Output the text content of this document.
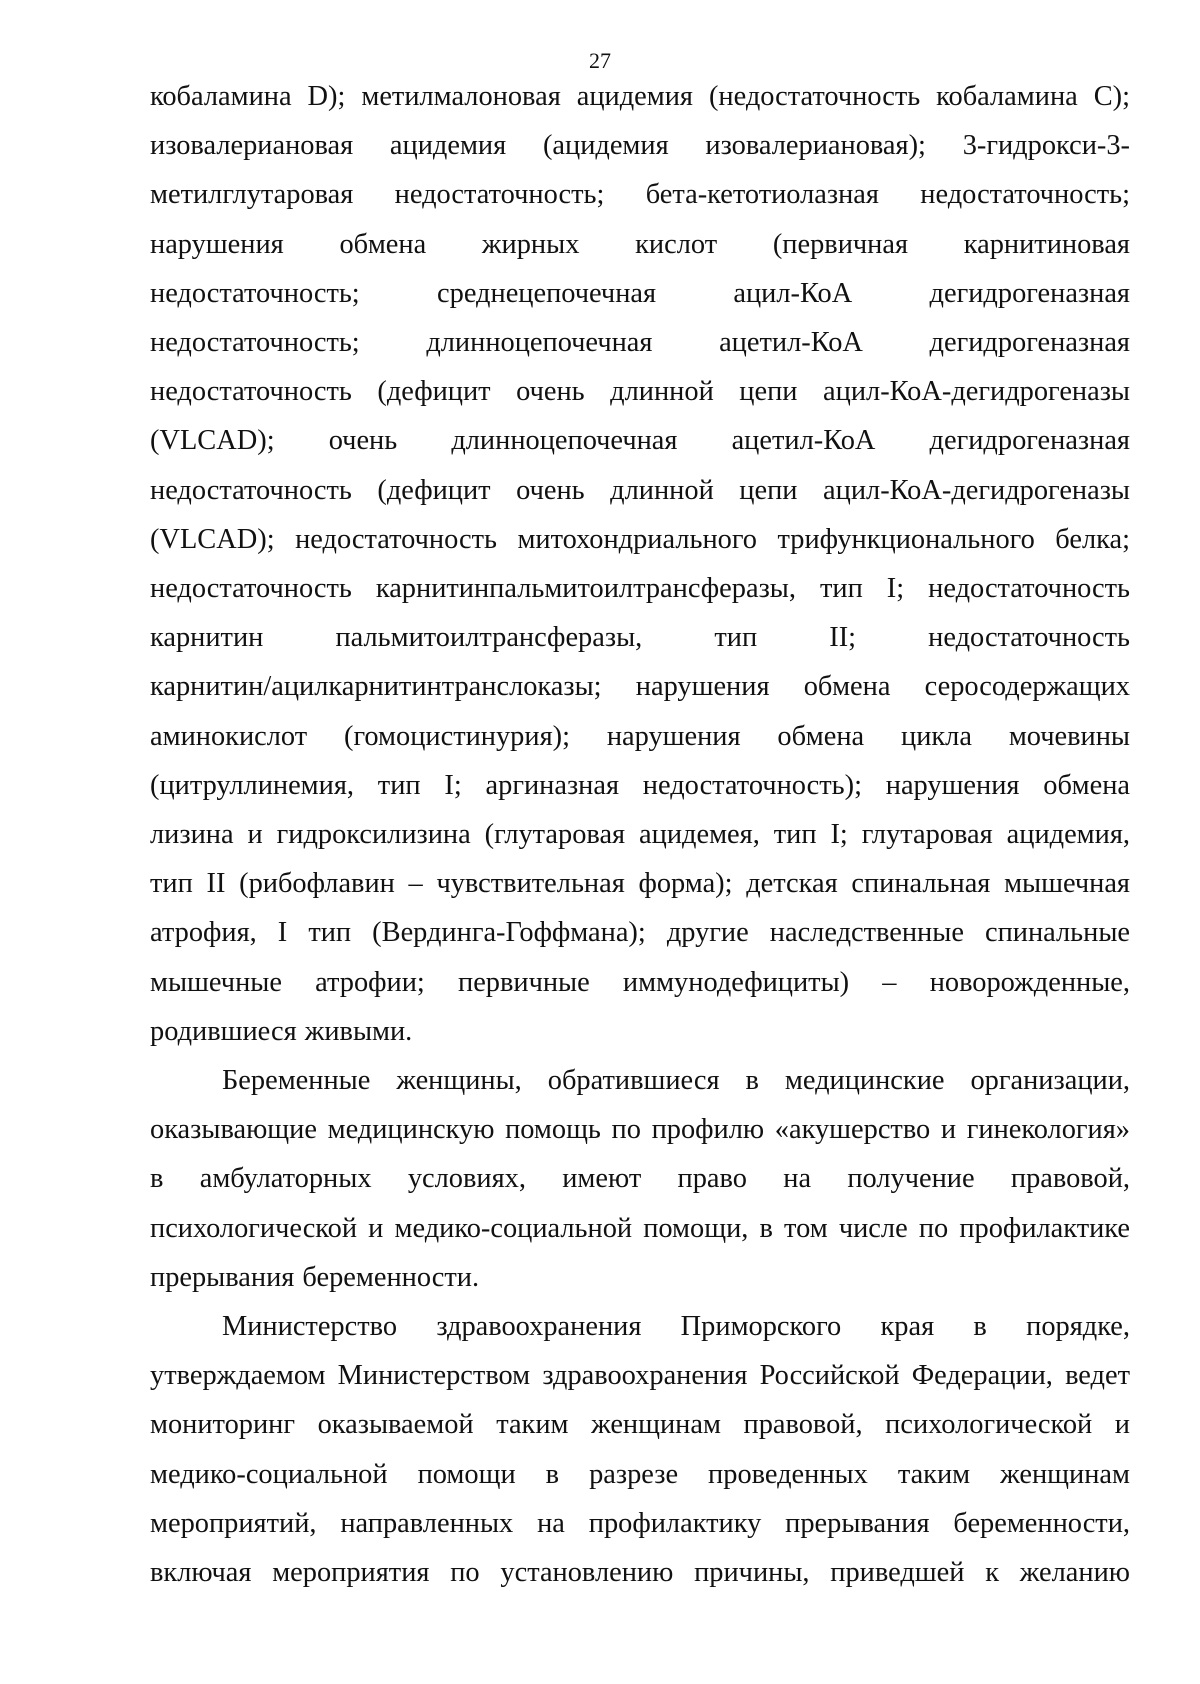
27
кобаламина D); метилмалоновая ацидемия (недостаточность кобаламина С);
изовалериановая ацидемия (ацидемия изовалериановая); 3-гидрокси-3-
метилглутаровая недостаточность; бета-кетотиолазная недостаточность;
нарушения обмена жирных кислот (первичная карнитиновая
недостаточность; среднецепочечная ацил-КоА дегидрогеназная
недостаточность; длинноцепочечная ацетил-КоА дегидрогеназная
недостаточность (дефицит очень длинной цепи ацил-КоА-дегидрогеназы
(VLCAD); очень длинноцепочечная ацетил-КоА дегидрогеназная
недостаточность (дефицит очень длинной цепи ацил-КоА-дегидрогеназы
(VLCAD); недостаточность митохондриального трифункционального белка;
недостаточность карнитинпальмитоилтрансферазы, тип I; недостаточность
карнитин пальмитоилтрансферазы, тип II; недостаточность
карнитин/ацилкарнитинтранслоказы; нарушения обмена серосодержащих
аминокислот (гомоцистинурия); нарушения обмена цикла мочевины
(цитруллинемия, тип I; аргиназная недостаточность); нарушения обмена
лизина и гидроксилизина (глутаровая ацидемея, тип I; глутаровая ацидемия,
тип II (рибофлавин – чувствительная форма); детская спинальная мышечная
атрофия, I тип (Вердинга-Гоффмана); другие наследственные спинальные
мышечные атрофии; первичные иммунодефициты) – новорожденные,
родившиеся живыми.
Беременные женщины, обратившиеся в медицинские организации,
оказывающие медицинскую помощь по профилю «акушерство и гинекология»
в амбулаторных условиях, имеют право на получение правовой,
психологической и медико-социальной помощи, в том числе по профилактике
прерывания беременности.
Министерство здравоохранения Приморского края в порядке,
утверждаемом Министерством здравоохранения Российской Федерации, ведет
мониторинг оказываемой таким женщинам правовой, психологической и
медико-социальной помощи в разрезе проведенных таким женщинам
мероприятий, направленных на профилактику прерывания беременности,
включая мероприятия по установлению причины, приведшей к желанию
